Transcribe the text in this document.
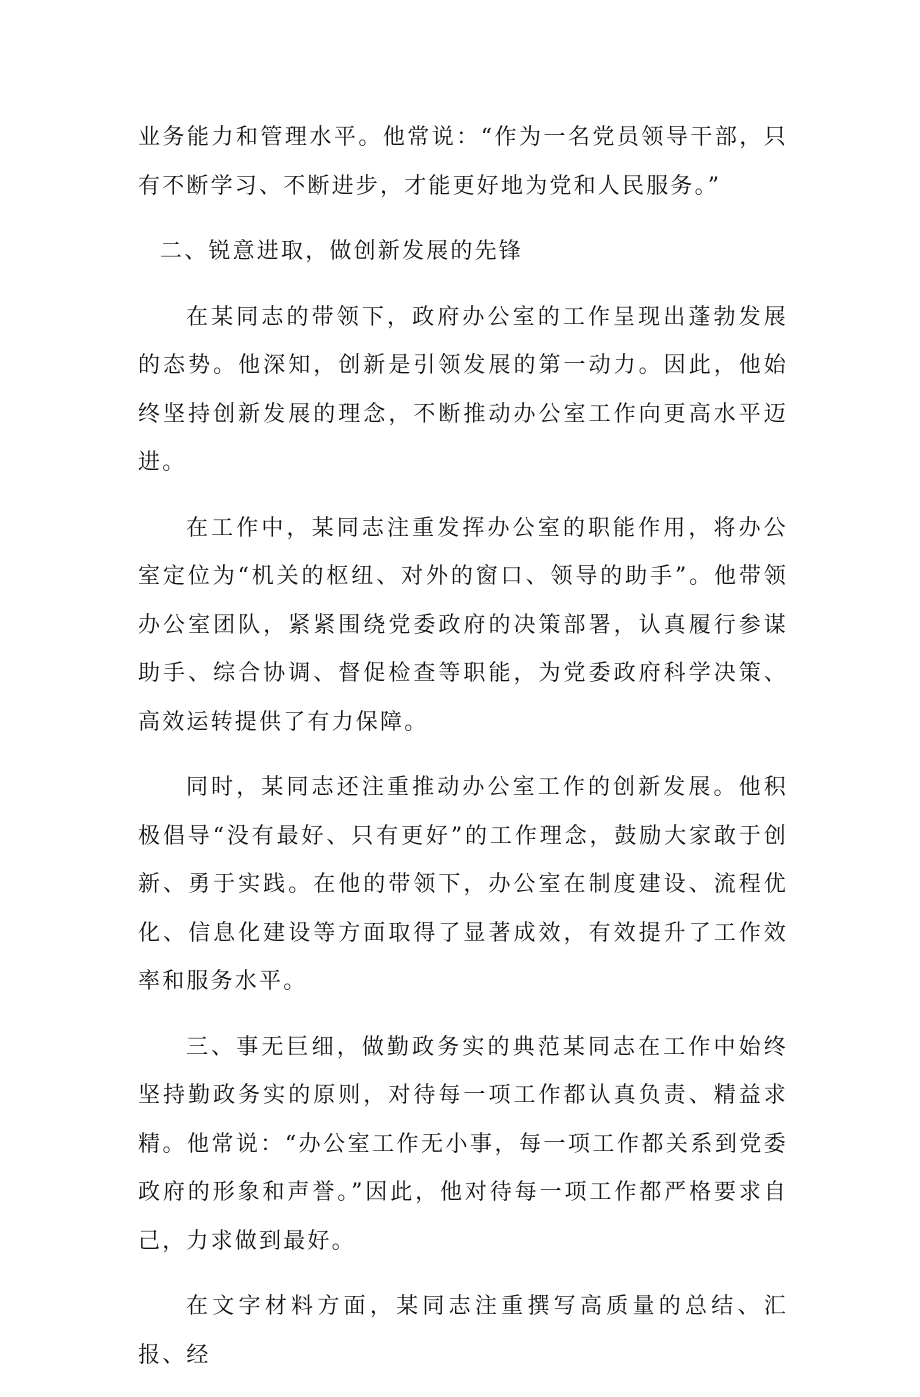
业务能力和管理水平。他常说：“作为一名党员领导干部，只有不断学习、不断进步，才能更好地为党和人民服务。”

二、锐意进取，做创新发展的先锋

在某同志的带领下，政府办公室的工作呈现出蓬勃发展的态势。他深知，创新是引领发展的第一动力。因此，他始终坚持创新发展的理念，不断推动办公室工作向更高水平迈进。

在工作中，某同志注重发挥办公室的职能作用，将办公室定位为“机关的枢纽、对外的窗口、领导的助手”。他带领办公室团队，紧紧围绕党委政府的决策部署，认真履行参谋助手、综合协调、督促检查等职能，为党委政府科学决策、高效运转提供了有力保障。

同时，某同志还注重推动办公室工作的创新发展。他积极倡导“没有最好、只有更好”的工作理念，鼓励大家敢于创新、勇于实践。在他的带领下，办公室在制度建设、流程优化、信息化建设等方面取得了显著成效，有效提升了工作效率和服务水平。

三、事无巨细，做勤政务实的典范某同志在工作中始终坚持勤政务实的原则，对待每一项工作都认真负责、精益求精。他常说：“办公室工作无小事，每一项工作都关系到党委政府的形象和声誉。”因此，他对待每一项工作都严格要求自己，力求做到最好。

在文字材料方面，某同志注重撰写高质量的总结、汇报、经
